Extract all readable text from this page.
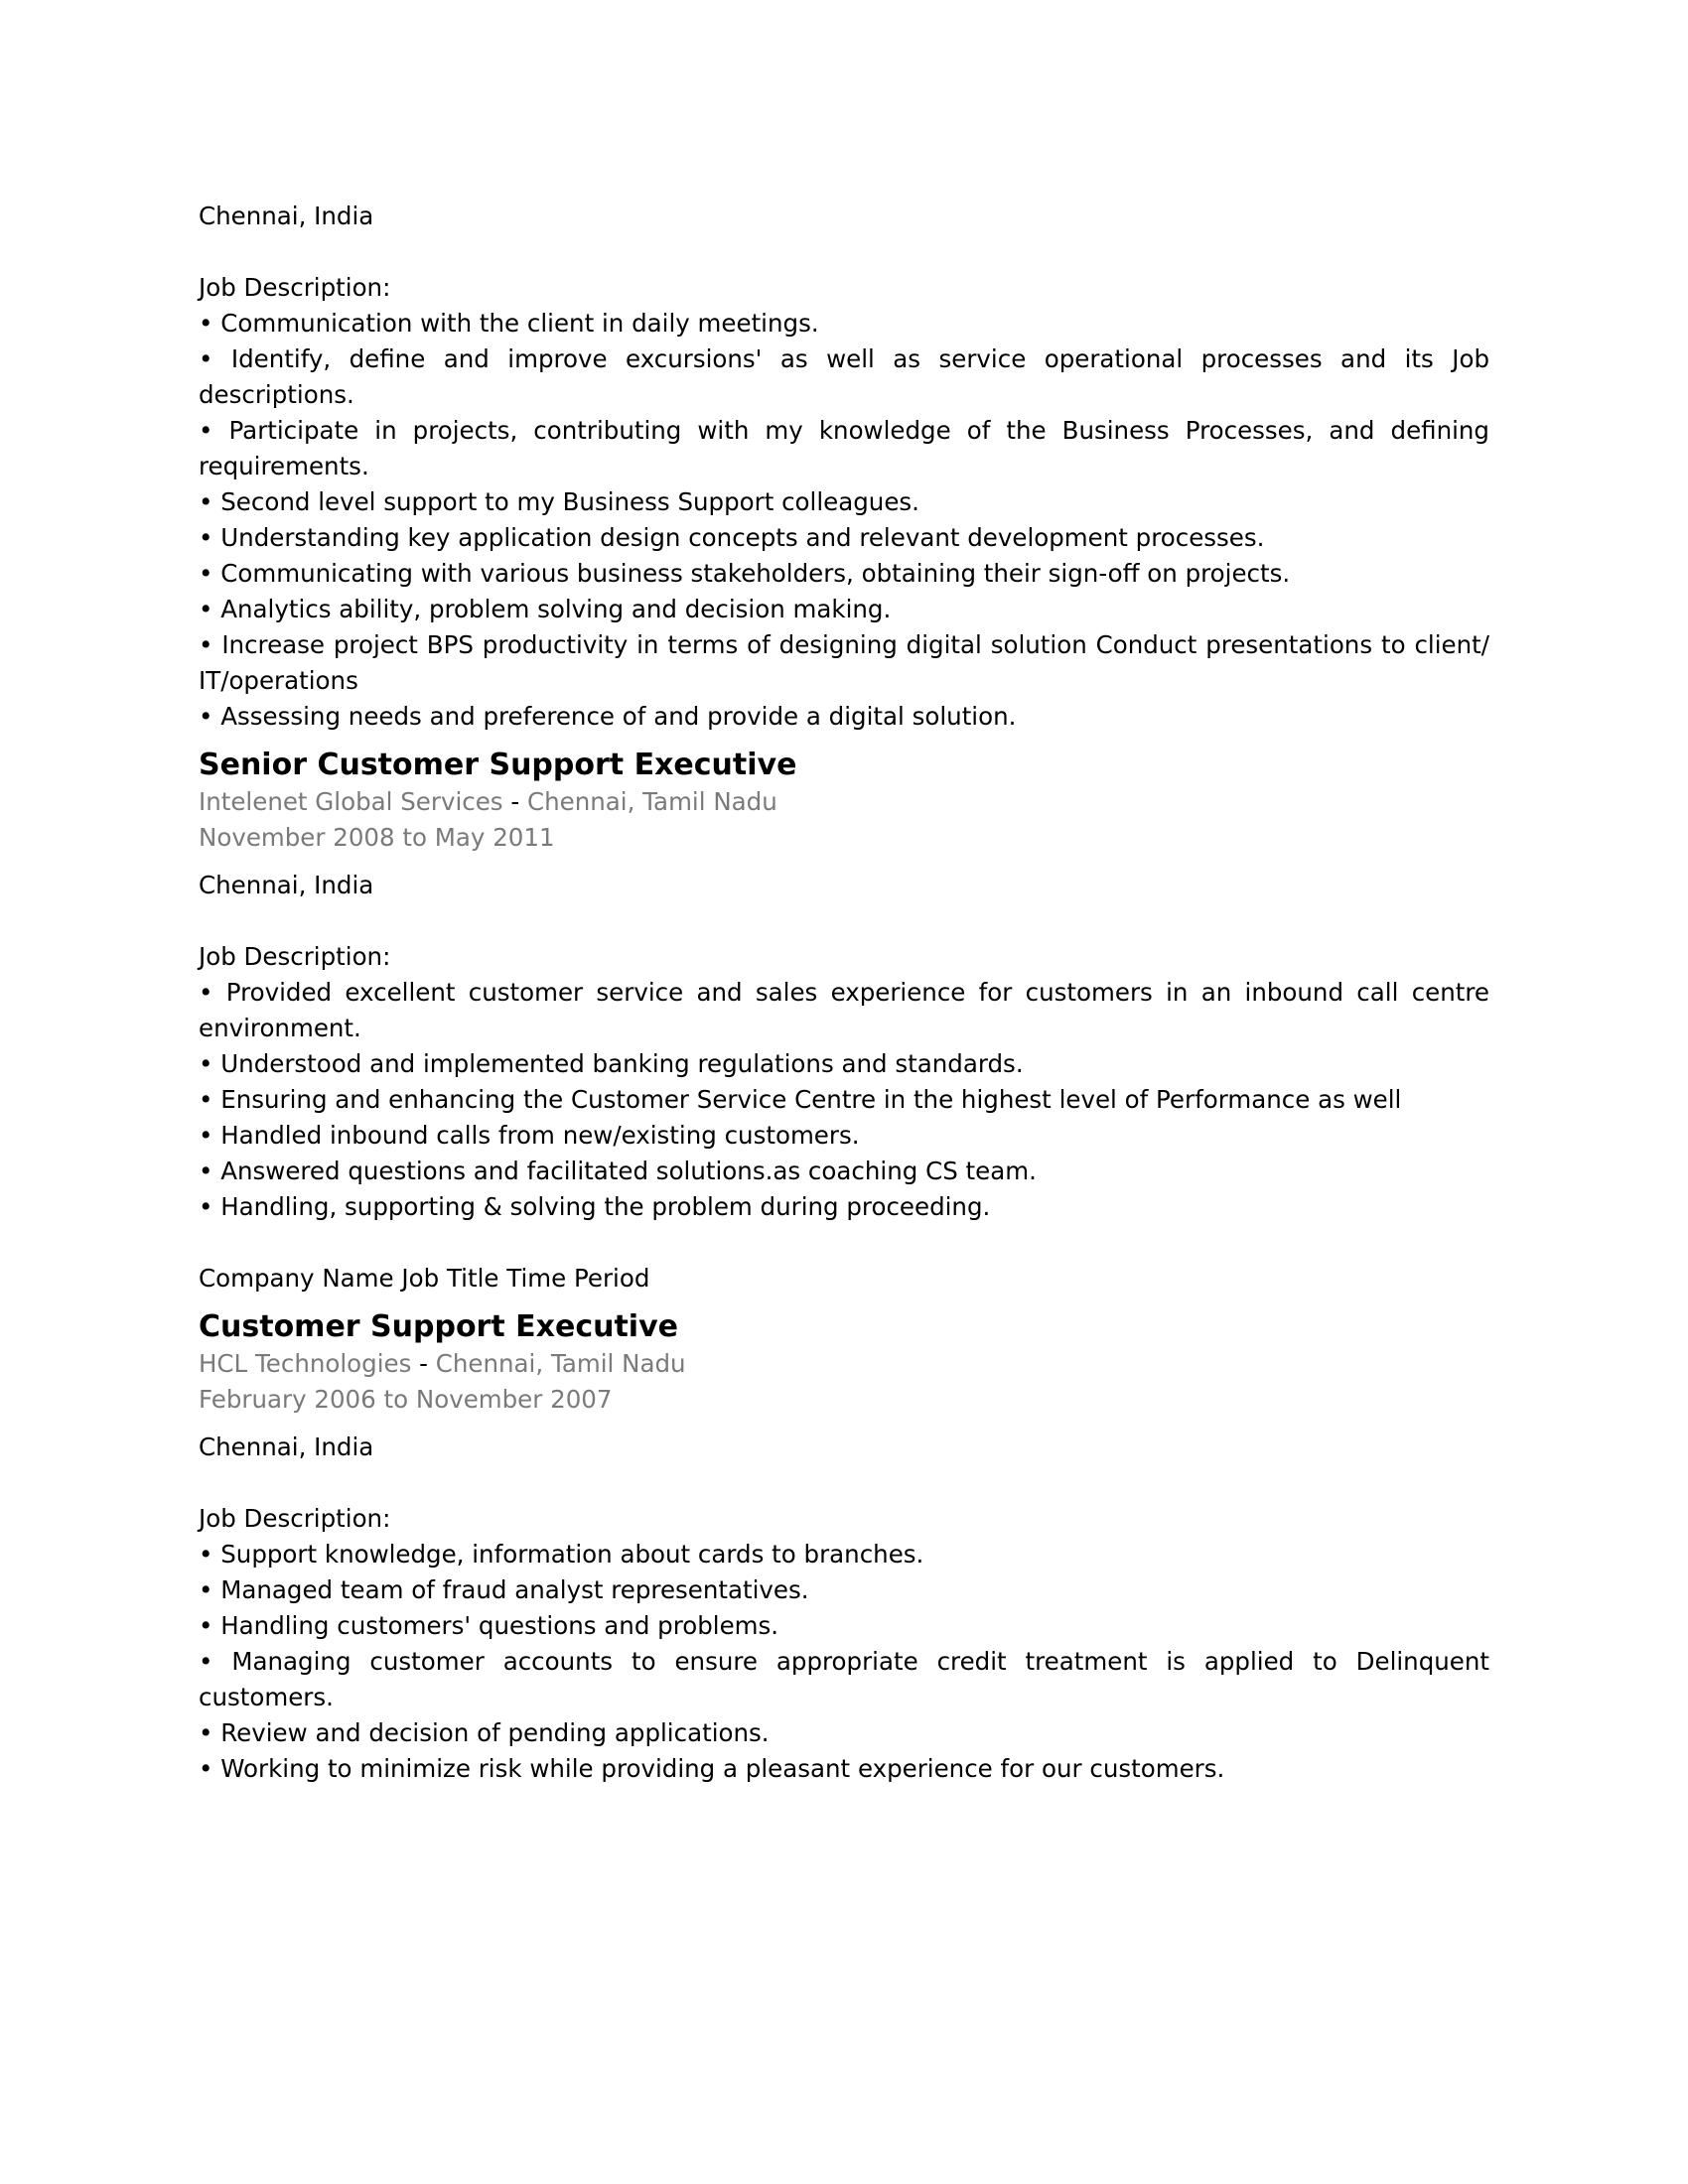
Chennai, India

Job Description:

• Communication with the client in daily meetings.

• Identify, define and improve excursions' as well as service operational processes and its Job descriptions.

• Participate in projects, contributing with my knowledge of the Business Processes, and defining requirements.

• Second level support to my Business Support colleagues.

• Understanding key application design concepts and relevant development processes.

• Communicating with various business stakeholders, obtaining their sign-off on projects.

• Analytics ability, problem solving and decision making.

• Increase project BPS productivity in terms of designing digital solution Conduct presentations to client/ IT/operations

• Assessing needs and preference of and provide a digital solution.

Senior Customer Support Executive

Intelenet Global Services - Chennai, Tamil Nadu

November 2008 to May 2011

Chennai, India

Job Description:

• Provided excellent customer service and sales experience for customers in an inbound call centre environment.

• Understood and implemented banking regulations and standards.

• Ensuring and enhancing the Customer Service Centre in the highest level of Performance as well

• Handled inbound calls from new/existing customers.

• Answered questions and facilitated solutions.as coaching CS team.

• Handling, supporting & solving the problem during proceeding.

Company Name Job Title Time Period

Customer Support Executive

HCL Technologies - Chennai, Tamil Nadu

February 2006 to November 2007

Chennai, India

Job Description:

• Support knowledge, information about cards to branches.

• Managed team of fraud analyst representatives.

• Handling customers' questions and problems.

• Managing customer accounts to ensure appropriate credit treatment is applied to Delinquent customers.

• Review and decision of pending applications.

• Working to minimize risk while providing a pleasant experience for our customers.
